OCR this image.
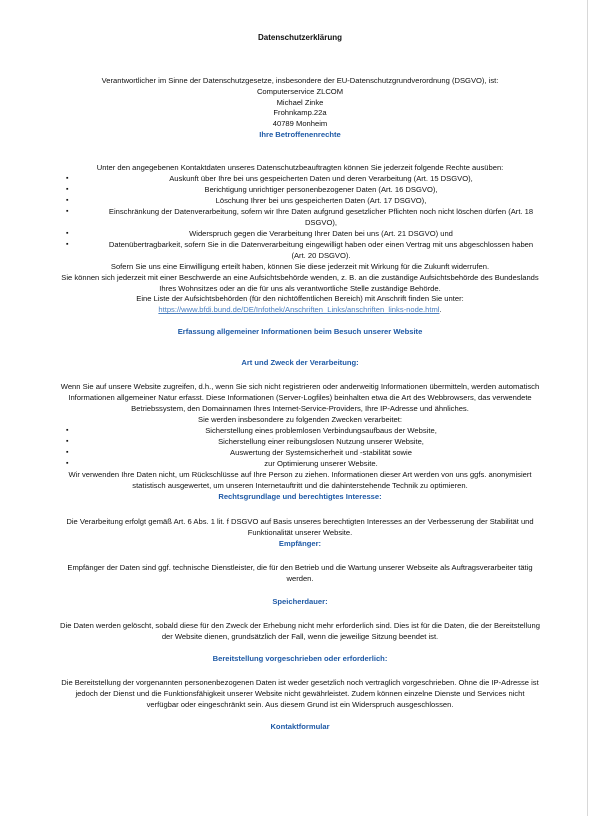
Datenschutzerklärung
Verantwortlicher im Sinne der Datenschutzgesetze, insbesondere der EU-Datenschutzgrundverordnung (DSGVO), ist:
Computerservice ZLCOM
Michael Zinke
Frohnkamp.22a
40789 Monheim
Ihre Betroffenenrechte
Unter den angegebenen Kontaktdaten unseres Datenschutzbeauftragten können Sie jederzeit folgende Rechte ausüben:
▪	Auskunft über Ihre bei uns gespeicherten Daten und deren Verarbeitung (Art. 15 DSGVO),
▪	Berichtigung unrichtiger personenbezogener Daten (Art. 16 DSGVO),
▪	Löschung Ihrer bei uns gespeicherten Daten (Art. 17 DSGVO),
▪	Einschränkung der Datenverarbeitung, sofern wir Ihre Daten aufgrund gesetzlicher Pflichten noch nicht löschen dürfen (Art. 18 DSGVO),
▪	Widerspruch gegen die Verarbeitung Ihrer Daten bei uns (Art. 21 DSGVO) und
▪	Datenübertragbarkeit, sofern Sie in die Datenverarbeitung eingewilligt haben oder einen Vertrag mit uns abgeschlossen haben (Art. 20 DSGVO).
Sofern Sie uns eine Einwilligung erteilt haben, können Sie diese jederzeit mit Wirkung für die Zukunft widerrufen.
Sie können sich jederzeit mit einer Beschwerde an eine Aufsichtsbehörde wenden, z. B. an die zuständige Aufsichtsbehörde des Bundeslands Ihres Wohnsitzes oder an die für uns als verantwortliche Stelle zuständige Behörde.
Eine Liste der Aufsichtsbehörden (für den nichtöffentlichen Bereich) mit Anschrift finden Sie unter: https://www.bfdi.bund.de/DE/Infothek/Anschriften_Links/anschriften_links-node.html.
Erfassung allgemeiner Informationen beim Besuch unserer Website
Art und Zweck der Verarbeitung:
Wenn Sie auf unsere Website zugreifen, d.h., wenn Sie sich nicht registrieren oder anderweitig Informationen übermitteln, werden automatisch Informationen allgemeiner Natur erfasst. Diese Informationen (Server-Logfiles) beinhalten etwa die Art des Webbrowsers, das verwendete Betriebssystem, den Domainnamen Ihres Internet-Service-Providers, Ihre IP-Adresse und ähnliches.
Sie werden insbesondere zu folgenden Zwecken verarbeitet:
▪	Sicherstellung eines problemlosen Verbindungsaufbaus der Website,
▪	Sicherstellung einer reibungslosen Nutzung unserer Website,
▪	Auswertung der Systemsicherheit und -stabilität sowie
▪	zur Optimierung unserer Website.
Wir verwenden Ihre Daten nicht, um Rückschlüsse auf Ihre Person zu ziehen. Informationen dieser Art werden von uns ggfs. anonymisiert statistisch ausgewertet, um unseren Internetauftritt und die dahinterstehende Technik zu optimieren.
Rechtsgrundlage und berechtigtes Interesse:
Die Verarbeitung erfolgt gemäß Art. 6 Abs. 1 lit. f DSGVO auf Basis unseres berechtigten Interesses an der Verbesserung der Stabilität und Funktionalität unserer Website.
Empfänger:
Empfänger der Daten sind ggf. technische Dienstleister, die für den Betrieb und die Wartung unserer Webseite als Auftragsverarbeiter tätig werden.
Speicherdauer:
Die Daten werden gelöscht, sobald diese für den Zweck der Erhebung nicht mehr erforderlich sind. Dies ist für die Daten, die der Bereitstellung der Website dienen, grundsätzlich der Fall, wenn die jeweilige Sitzung beendet ist.
Bereitstellung vorgeschrieben oder erforderlich:
Die Bereitstellung der vorgenannten personenbezogenen Daten ist weder gesetzlich noch vertraglich vorgeschrieben. Ohne die IP-Adresse ist jedoch der Dienst und die Funktionsfähigkeit unserer Website nicht gewährleistet. Zudem können einzelne Dienste und Services nicht verfügbar oder eingeschränkt sein. Aus diesem Grund ist ein Widerspruch ausgeschlossen.
Kontaktformular
